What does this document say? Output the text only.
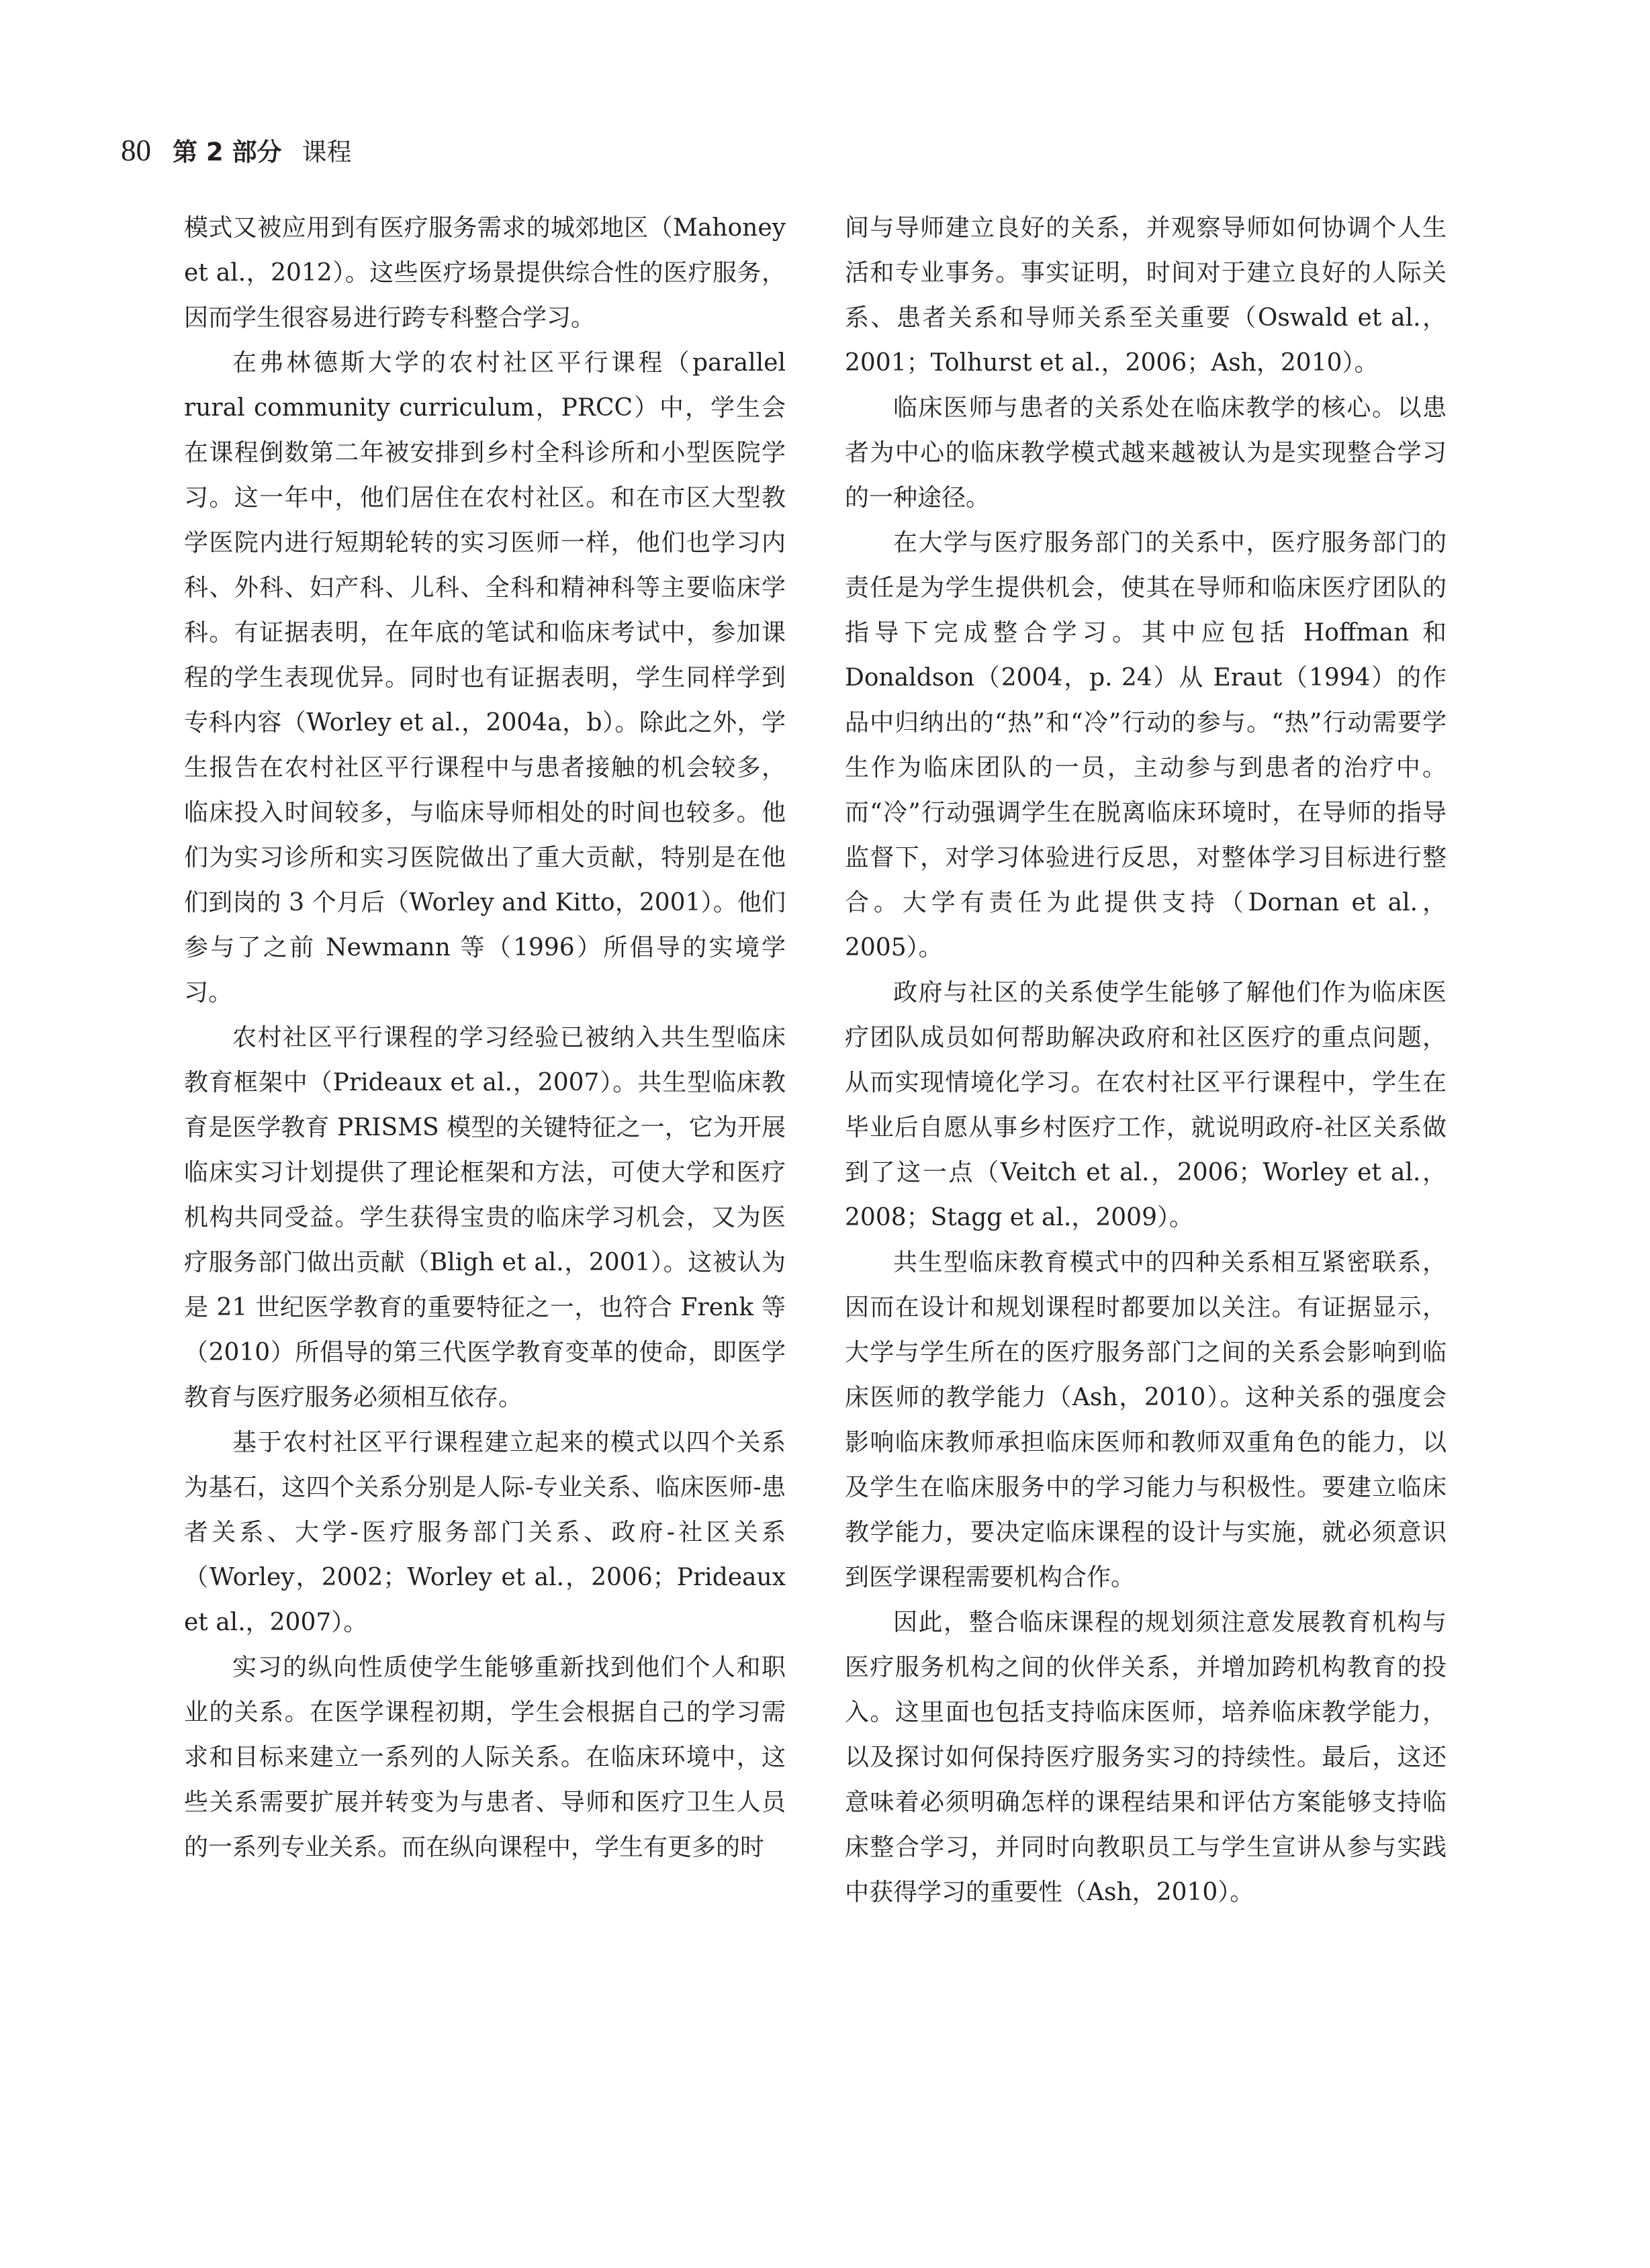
80 第 2 部分 课程

模式又被应用到有医疗服务需求的城郊地区（Mahoney et al.，2012）。这些医疗场景提供综合性的医疗服务，因而学生很容易进行跨专科整合学习。

在弗林德斯大学的农村社区平行课程（parallel rural community curriculum，PRCC）中，学生会在课程倒数第二年被安排到乡村全科诊所和小型医院学习。这一年中，他们居住在农村社区。和在市区大型教学医院内进行短期轮转的实习医师一样，他们也学习内科、外科、妇产科、儿科、全科和精神科等主要临床学科。有证据表明，在年底的笔试和临床考试中，参加课程的学生表现优异。同时也有证据表明，学生同样学到专科内容（Worley et al.，2004a，b）。除此之外，学生报告在农村社区平行课程中与患者接触的机会较多，临床投入时间较多，与临床导师相处的时间也较多。他们为实习诊所和实习医院做出了重大贡献，特别是在他们到岗的 3 个月后（Worley and Kitto，2001）。他们参与了之前 Newmann 等（1996）所倡导的实境学习。

农村社区平行课程的学习经验已被纳入共生型临床教育框架中（Prideaux et al.，2007）。共生型临床教育是医学教育 PRISMS 模型的关键特征之一，它为开展临床实习计划提供了理论框架和方法，可使大学和医疗机构共同受益。学生获得宝贵的临床学习机会，又为医疗服务部门做出贡献（Bligh et al.，2001）。这被认为是 21 世纪医学教育的重要特征之一，也符合 Frenk 等（2010）所倡导的第三代医学教育变革的使命，即医学教育与医疗服务必须相互依存。

基于农村社区平行课程建立起来的模式以四个关系为基石，这四个关系分别是人际-专业关系、临床医师-患者关系、大学-医疗服务部门关系、政府-社区关系（Worley，2002；Worley et al.，2006；Prideaux et al.，2007）。

实习的纵向性质使学生能够重新找到他们个人和职业的关系。在医学课程初期，学生会根据自己的学习需求和目标来建立一系列的人际关系。在临床环境中，这些关系需要扩展并转变为与患者、导师和医疗卫生人员的一系列专业关系。而在纵向课程中，学生有更多的时

间与导师建立良好的关系，并观察导师如何协调个人生活和专业事务。事实证明，时间对于建立良好的人际关系、患者关系和导师关系至关重要（Oswald et al.，2001；Tolhurst et al.，2006；Ash，2010）。

临床医师与患者的关系处在临床教学的核心。以患者为中心的临床教学模式越来越被认为是实现整合学习的一种途径。

在大学与医疗服务部门的关系中，医疗服务部门的责任是为学生提供机会，使其在导师和临床医疗团队的指导下完成整合学习。其中应包括 Hoffman 和 Donaldson（2004，p. 24）从 Eraut（1994）的作品中归纳出的“热”和“冷”行动的参与。“热”行动需要学生作为临床团队的一员，主动参与到患者的治疗中。而“冷”行动强调学生在脱离临床环境时，在导师的指导监督下，对学习体验进行反思，对整体学习目标进行整合。大学有责任为此提供支持（Dornan et al.，2005）。

政府与社区的关系使学生能够了解他们作为临床医疗团队成员如何帮助解决政府和社区医疗的重点问题，从而实现情境化学习。在农村社区平行课程中，学生在毕业后自愿从事乡村医疗工作，就说明政府-社区关系做到了这一点（Veitch et al.，2006；Worley et al.，2008；Stagg et al.，2009）。

共生型临床教育模式中的四种关系相互紧密联系，因而在设计和规划课程时都要加以关注。有证据显示，大学与学生所在的医疗服务部门之间的关系会影响到临床医师的教学能力（Ash，2010）。这种关系的强度会影响临床教师承担临床医师和教师双重角色的能力，以及学生在临床服务中的学习能力与积极性。要建立临床教学能力，要决定临床课程的设计与实施，就必须意识到医学课程需要机构合作。

因此，整合临床课程的规划须注意发展教育机构与医疗服务机构之间的伙伴关系，并增加跨机构教育的投入。这里面也包括支持临床医师，培养临床教学能力，以及探讨如何保持医疗服务实习的持续性。最后，这还意味着必须明确怎样的课程结果和评估方案能够支持临床整合学习，并同时向教职员工与学生宣讲从参与实践中获得学习的重要性（Ash，2010）。
